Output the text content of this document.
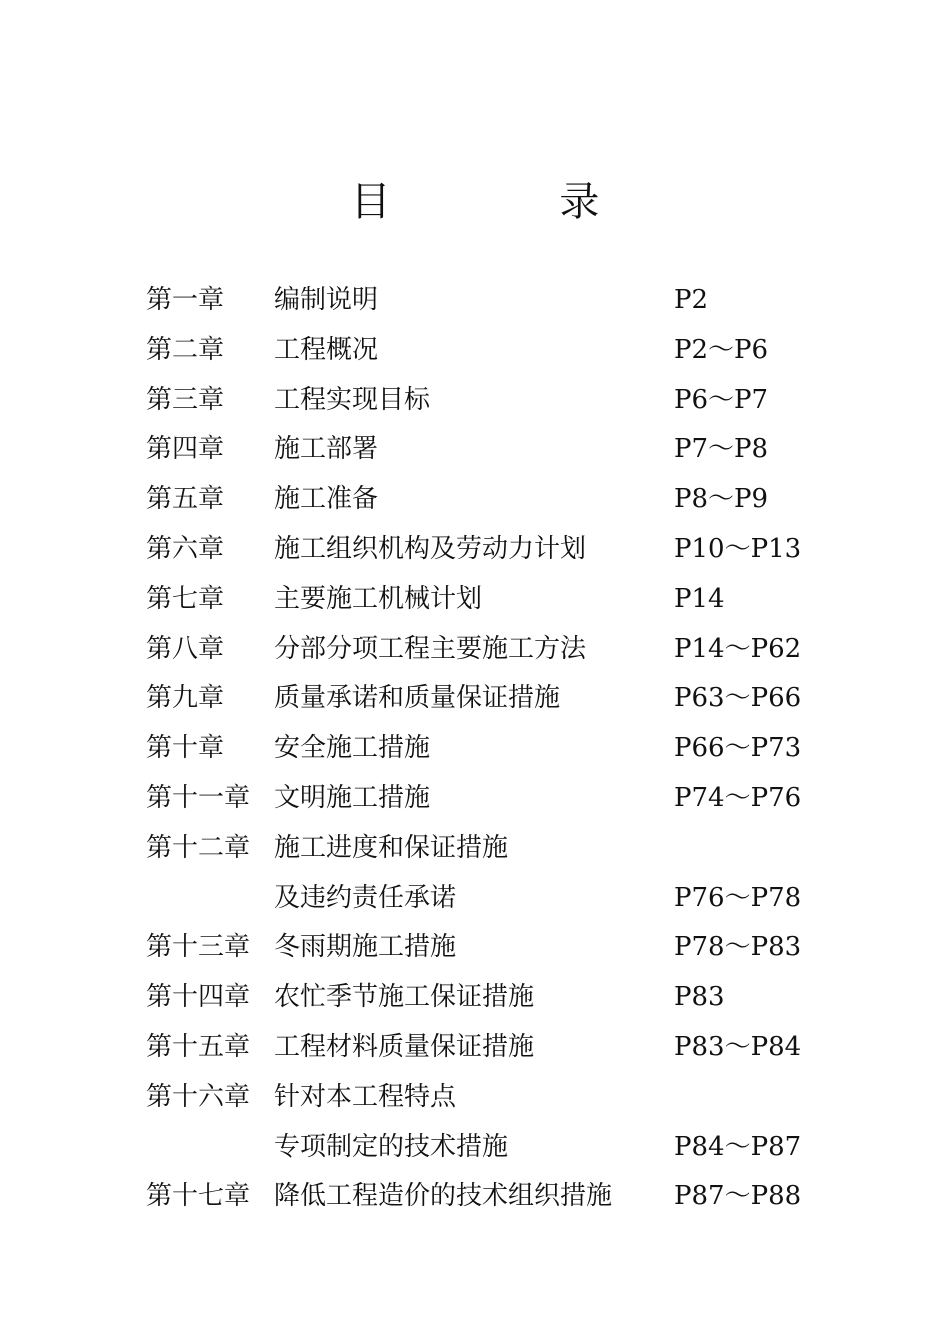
目 录
第一章 编制说明	P2
第二章 工程概况	P2～P6
第三章 工程实现目标	P6～P7
第四章 施工部署	P7～P8
第五章 施工准备	P8～P9
第六章 施工组织机构及劳动力计划	P10～P13
第七章 主要施工机械计划	P14
第八章 分部分项工程主要施工方法	P14～P62
第九章 质量承诺和质量保证措施	P63～P66
第十章 安全施工措施	P66～P73
第十一章 文明施工措施	P74～P76
第十二章 施工进度和保证措施
及违约责任承诺	P76～P78
第十三章 冬雨期施工措施	P78～P83
第十四章 农忙季节施工保证措施	P83
第十五章 工程材料质量保证措施	P83～P84
第十六章 针对本工程特点
专项制定的技术措施	P84～P87
第十七章 降低工程造价的技术组织措施 P87～P88
